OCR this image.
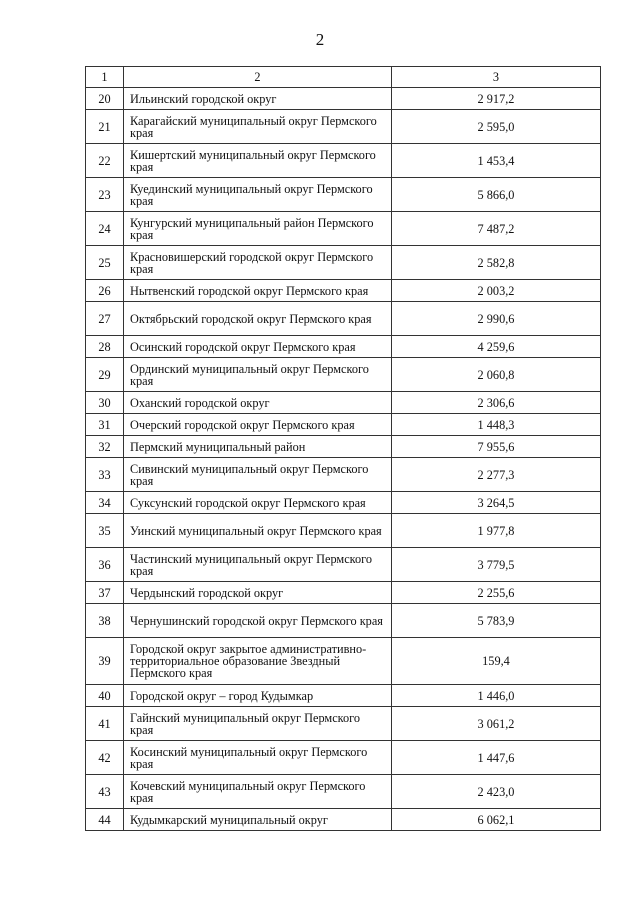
2
1	2	3
20	Ильинский городской округ	2 917,2
21	Карагайский муниципальный округ Пермского края	2 595,0
22	Кишертский муниципальный округ Пермского края	1 453,4
23	Куединский муниципальный округ Пермского края	5 866,0
24	Кунгурский муниципальный район Пермского края	7 487,2
25	Красновишерский городской округ Пермского края	2 582,8
26	Нытвенский городской округ Пермского края	2 003,2
27	Октябрьский городской округ Пермского края	2 990,6
28	Осинский городской округ Пермского края	4 259,6
29	Ординский муниципальный округ Пермского края	2 060,8
30	Оханский городской округ	2 306,6
31	Очерский городской округ Пермского края	1 448,3
32	Пермский муниципальный район	7 955,6
33	Сивинский муниципальный округ Пермского края	2 277,3
34	Суксунский городской округ Пермского края	3 264,5
35	Уинский муниципальный округ Пермского края	1 977,8
36	Частинский муниципальный округ Пермского края	3 779,5
37	Чердынский городской округ	2 255,6
38	Чернушинский городской округ Пермского края	5 783,9
39	Городской округ закрытое административно-территориальное образование Звездный Пермского края	159,4
40	Городской округ – город Кудымкар	1 446,0
41	Гайнский муниципальный округ Пермского края	3 061,2
42	Косинский муниципальный округ Пермского края	1 447,6
43	Кочевский муниципальный округ Пермского края	2 423,0
44	Кудымкарский муниципальный округ	6 062,1
